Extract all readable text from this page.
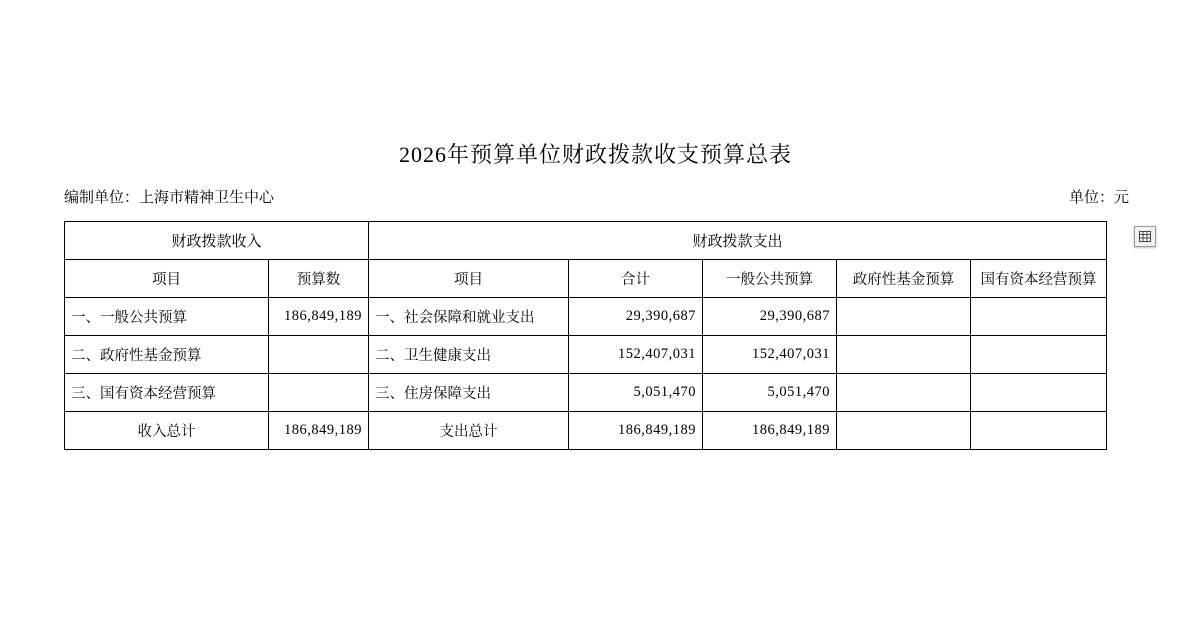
2026年预算单位财政拨款收支预算总表
编制单位：上海市精神卫生中心	单位：元
财政拨款收入		财政拨款支出				
项目	预算数	项目	合计	一般公共预算	政府性基金预算	国有资本经营预算
一、一般公共预算	186,849,189	一、社会保障和就业支出	29,390,687	29,390,687		
二、政府性基金预算		二、卫生健康支出	152,407,031	152,407,031		
三、国有资本经营预算		三、住房保障支出	5,051,470	5,051,470		
收入总计	186,849,189	支出总计	186,849,189	186,849,189		
